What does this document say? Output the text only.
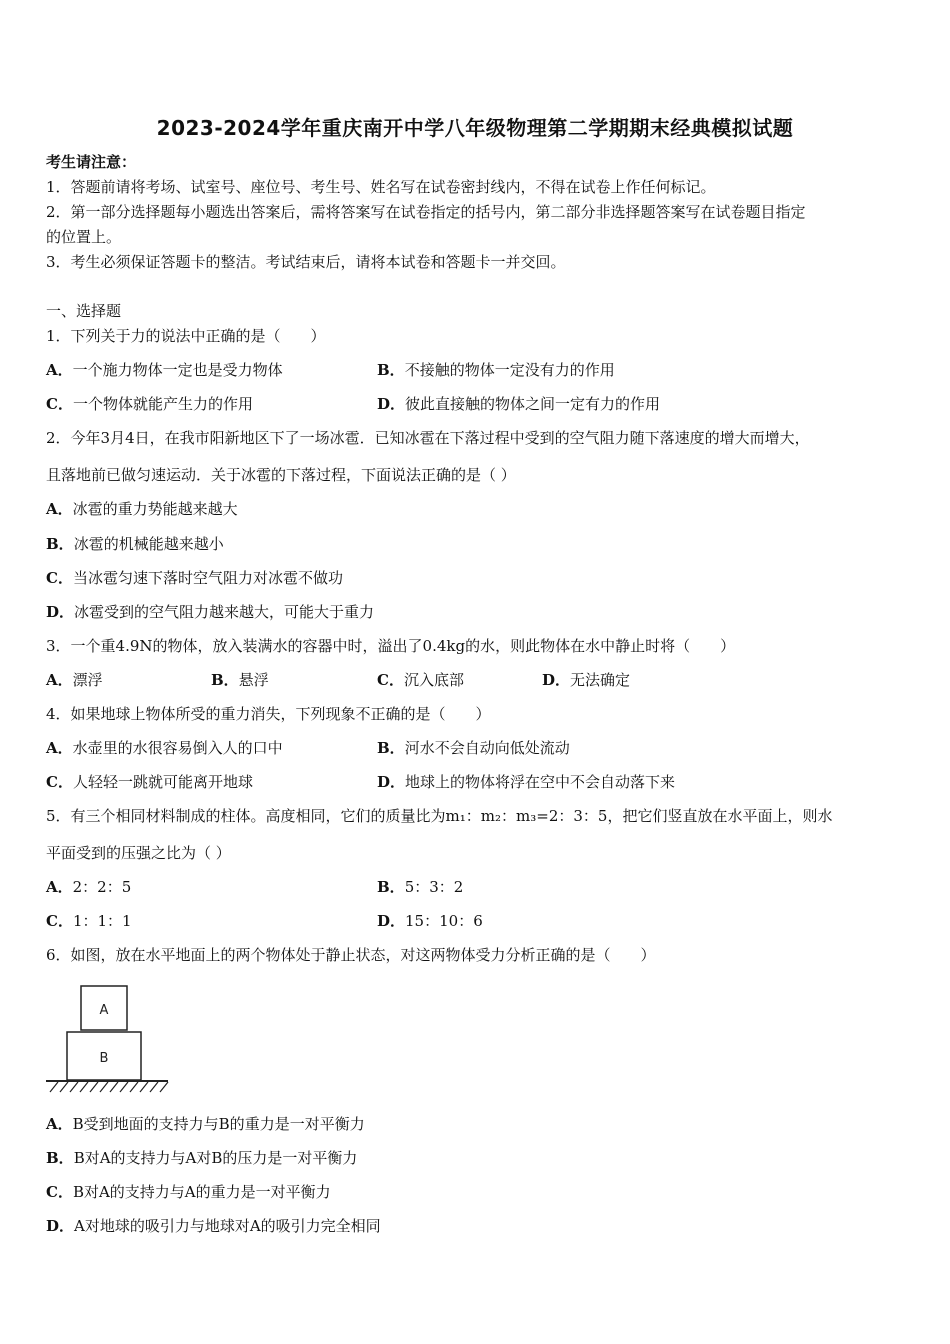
2023-2024学年重庆南开中学八年级物理第二学期期末经典模拟试题
考生请注意：
1．答题前请将考场、试室号、座位号、考生号、姓名写在试卷密封线内，不得在试卷上作任何标记。
2．第一部分选择题每小题选出答案后，需将答案写在试卷指定的括号内，第二部分非选择题答案写在试卷题目指定
的位置上。
3．考生必须保证答题卡的整洁。考试结束后，请将本试卷和答题卡一并交回。
一、选择题
1．下列关于力的说法中正确的是（　　）
A．一个施力物体一定也是受力物体	B．不接触的物体一定没有力的作用
C．一个物体就能产生力的作用	D．彼此直接触的物体之间一定有力的作用
2．今年3月4日，在我市阳新地区下了一场冰雹．已知冰雹在下落过程中受到的空气阻力随下落速度的增大而增大，
且落地前已做匀速运动．关于冰雹的下落过程，下面说法正确的是（ ）
A．冰雹的重力势能越来越大
B．冰雹的机械能越来越小
C．当冰雹匀速下落时空气阻力对冰雹不做功
D．冰雹受到的空气阻力越来越大，可能大于重力
3．一个重4.9N的物体，放入装满水的容器中时，溢出了0.4kg的水，则此物体在水中静止时将（　　）
A．漂浮	B．悬浮	C．沉入底部	D．无法确定
4．如果地球上物体所受的重力消失，下列现象不正确的是（　　）
A．水壶里的水很容易倒入人的口中	B．河水不会自动向低处流动
C．人轻轻一跳就可能离开地球	D．地球上的物体将浮在空中不会自动落下来
5．有三个相同材料制成的柱体。高度相同，它们的质量比为m₁：m₂：m₃=2：3：5，把它们竖直放在水平面上，则水
平面受到的压强之比为（ ）
A．2：2：5	B．5：3：2
C．1：1：1	D．15：10：6
6．如图，放在水平地面上的两个物体处于静止状态，对这两物体受力分析正确的是（　　）
A
B
A．B受到地面的支持力与B的重力是一对平衡力
B．B对A的支持力与A对B的压力是一对平衡力
C．B对A的支持力与A的重力是一对平衡力
D．A对地球的吸引力与地球对A的吸引力完全相同
